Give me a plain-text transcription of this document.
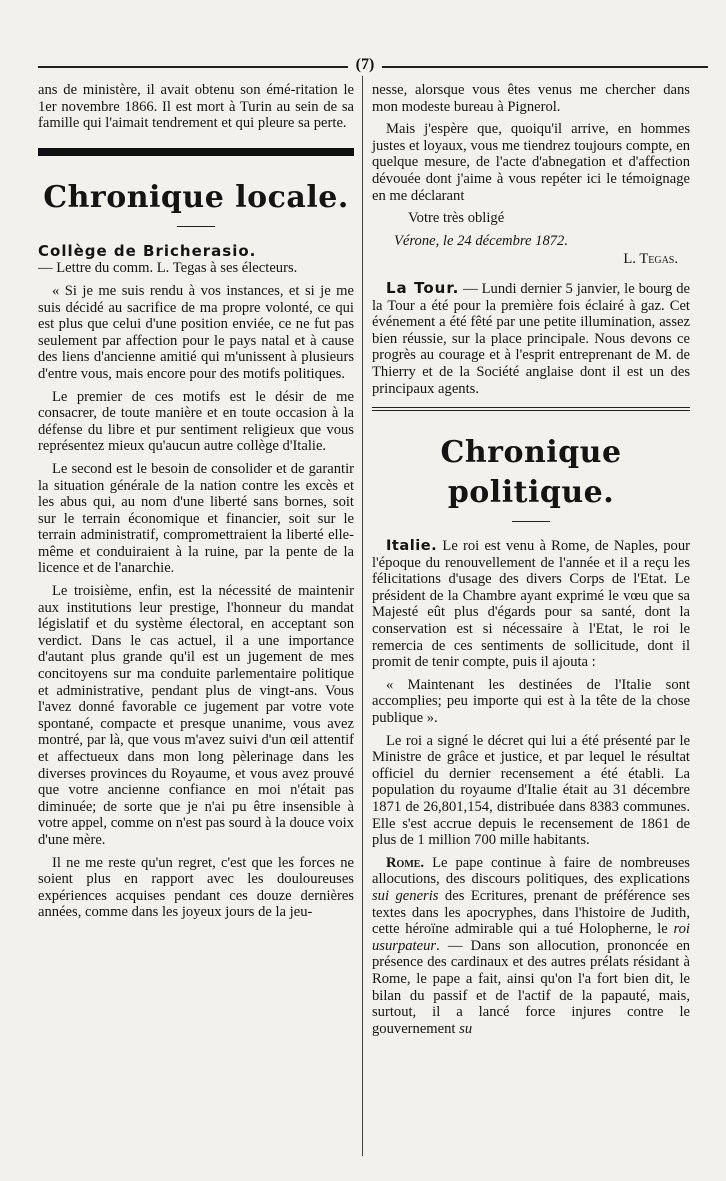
(7)

ans de ministère, il avait obtenu son émé-ritation le 1er novembre 1866. Il est mort à Turin au sein de sa famille qui l'aimait tendrement et qui pleure sa perte.

Chronique locale.

Collège de Bricherasio.
— Lettre du comm. L. Tegas à ses électeurs.

« Si je me suis rendu à vos instances, et si je me suis décidé au sacrifice de ma propre volonté, ce qui est plus que celui d'une position enviée, ce ne fut pas seulement par affection pour le pays natal et à cause des liens d'ancienne amitié qui m'unissent à plusieurs d'entre vous, mais encore pour des motifs politiques.

Le premier de ces motifs est le désir de me consacrer, de toute manière et en toute occasion à la défense du libre et pur sentiment religieux que vous représentez mieux qu'aucun autre collège d'Italie.

Le second est le besoin de consolider et de garantir la situation générale de la nation contre les excès et les abus qui, au nom d'une liberté sans bornes, soit sur le terrain économique et financier, soit sur le terrain administratif, compromettraient la liberté elle-même et conduiraient à la ruine, par la pente de la licence et de l'anarchie.

Le troisième, enfin, est la nécessité de maintenir aux institutions leur prestige, l'honneur du mandat législatif et du système électoral, en acceptant son verdict. Dans le cas actuel, il a une importance d'autant plus grande qu'il est un jugement de mes concitoyens sur ma conduite parlementaire politique et administrative, pendant plus de vingt-ans. Vous l'avez donné favorable ce jugement par votre vote spontané, compacte et presque unanime, vous avez montré, par là, que vous m'avez suivi d'un œil attentif et affectueux dans mon long pèlerinage dans les diverses provinces du Royaume, et vous avez prouvé que votre ancienne confiance en moi n'était pas diminuée; de sorte que je n'ai pu être insensible à votre appel, comme on n'est pas sourd à la douce voix d'une mère.

Il ne me reste qu'un regret, c'est que les forces ne soient plus en rapport avec les douloureuses expériences acquises pendant ces douze dernières années, comme dans les joyeux jours de la jeu-

nesse, alorsque vous êtes venus me chercher dans mon modeste bureau à Pignerol.

Mais j'espère que, quoiqu'il arrive, en hommes justes et loyaux, vous me tiendrez toujours compte, en quelque mesure, de l'acte d'abnegation et d'affection dévouée dont j'aime à vous repéter ici le témoignage en me déclarant

Votre très obligé

Vérone, le 24 décembre 1872.

L. Tegas.

La Tour. — Lundi dernier 5 janvier, le bourg de la Tour a été pour la première fois éclairé à gaz. Cet événement a été fêté par une petite illumination, assez bien réussie, sur la place principale. Nous devons ce progrès au courage et à l'esprit entreprenant de M. de Thierry et de la Société anglaise dont il est un des principaux agents.

Chronique politique.

Italie. Le roi est venu à Rome, de Naples, pour l'époque du renouvellement de l'année et il a reçu les félicitations d'usage des divers Corps de l'Etat. Le président de la Chambre ayant exprimé le vœu que sa Majesté eût plus d'égards pour sa santé, dont la conservation est si nécessaire à l'Etat, le roi le remercia de ces sentiments de sollicitude, dont il promit de tenir compte, puis il ajouta :

« Maintenant les destinées de l'Italie sont accomplies; peu importe qui est à la tête de la chose publique ».

Le roi a signé le décret qui lui a été présenté par le Ministre de grâce et justice, et par lequel le résultat officiel du dernier recensement a été établi. La population du royaume d'Italie était au 31 décembre 1871 de 26,801,154, distribuée dans 8383 communes. Elle s'est accrue depuis le recensement de 1861 de plus de 1 million 700 mille habitants.

Rome. Le pape continue à faire de nombreuses allocutions, des discours politiques, des explications sui generis des Ecritures, prenant de préférence ses textes dans les apocryphes, dans l'histoire de Judith, cette héroïne admirable qui a tué Holopherne, le roi usurpateur. — Dans son allocution, prononcée en présence des cardinaux et des autres prélats résidant à Rome, le pape a fait, ainsi qu'on l'a fort bien dit, le bilan du passif et de l'actif de la papauté, mais, surtout, il a lancé force injures contre le gouvernement su
